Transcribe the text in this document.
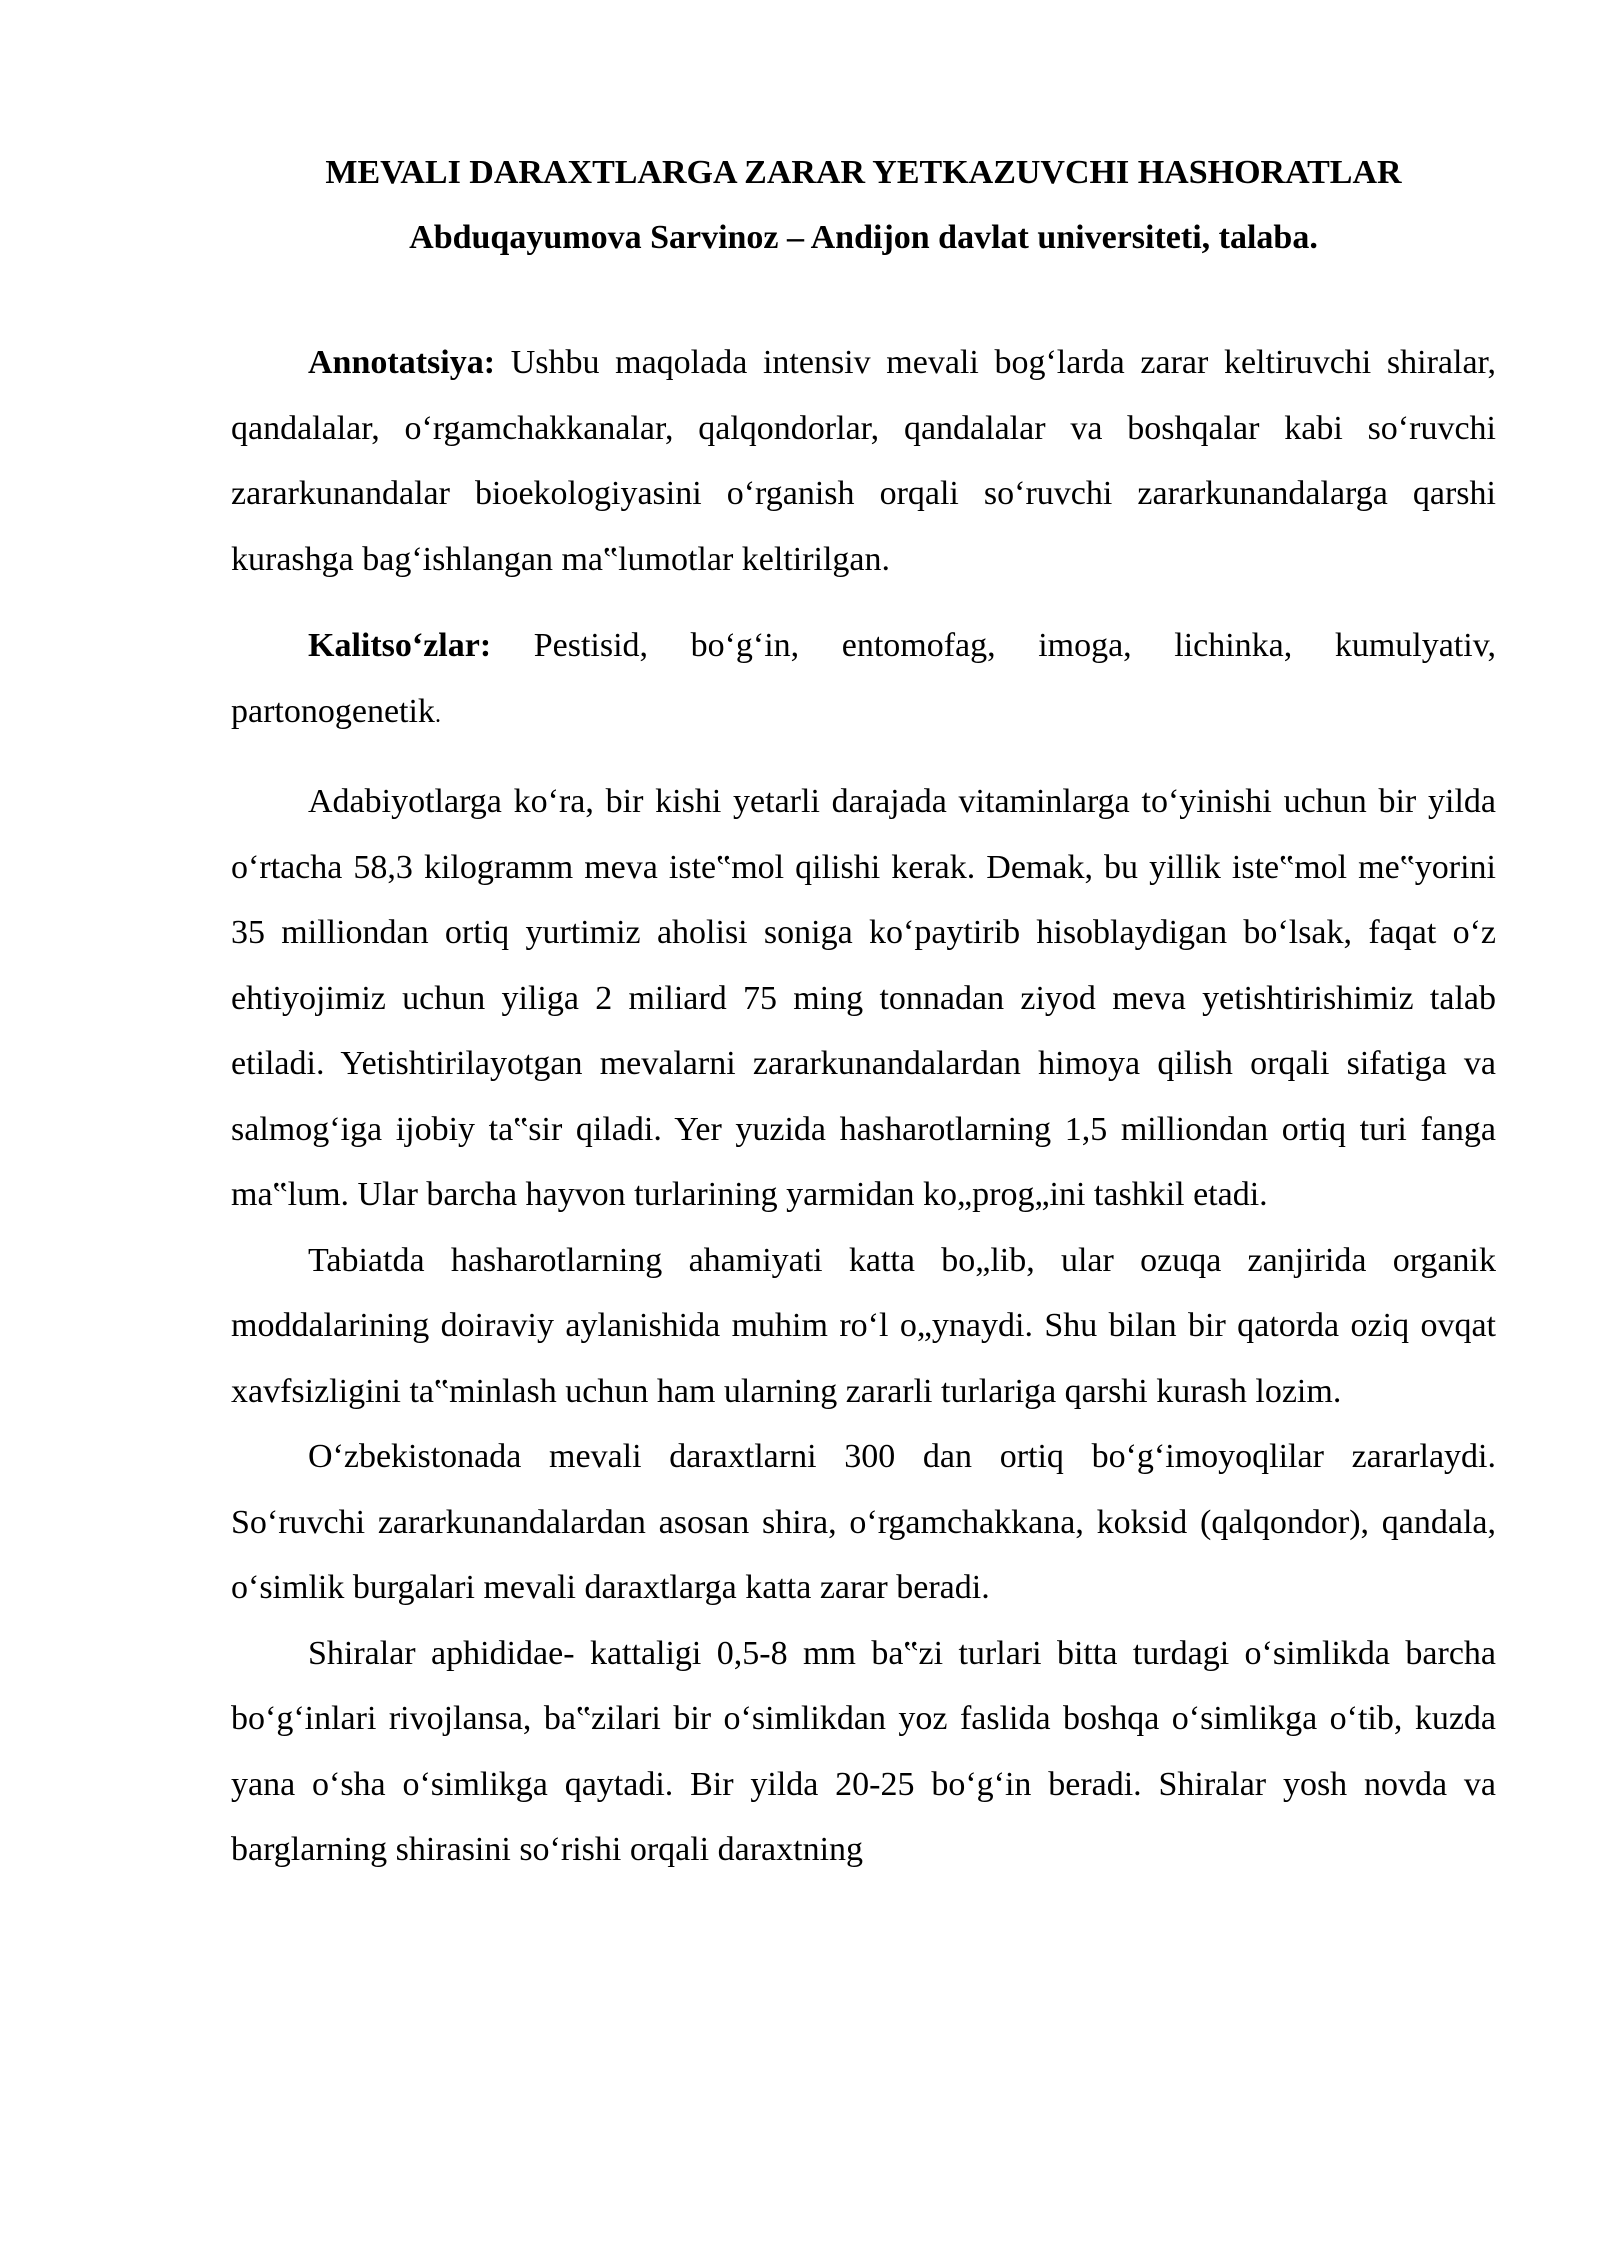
MEVALI DARAXTLARGA ZARAR YETKAZUVCHI HASHORATLAR
Abduqayumova Sarvinoz – Andijon davlat universiteti, talaba.

Annotatsiya: Ushbu maqolada intensiv mevali bog‘larda zarar keltiruvchi shiralar, qandalalar, o‘rgamchakkanalar, qalqondorlar, qandalalar va boshqalar kabi so‘ruvchi zararkunandalar bioekologiyasini o‘rganish orqali so‘ruvchi zararkunandalarga qarshi kurashga bag‘ishlangan ma‟lumotlar keltirilgan.

Kalitso‘zlar: Pestisid, bo‘g‘in, entomofag, imoga, lichinka, kumulyativ, partonogenetik.

Adabiyotlarga ko‘ra, bir kishi yetarli darajada vitaminlarga to‘yinishi uchun bir yilda o‘rtacha 58,3 kilogramm meva iste‟mol qilishi kerak. Demak, bu yillik iste‟mol me‟yorini 35 milliondan ortiq yurtimiz aholisi soniga ko‘paytirib hisoblaydigan bo‘lsak, faqat o‘z ehtiyojimiz uchun yiliga 2 miliard 75 ming tonnadan ziyod meva yetishtirishimiz talab etiladi. Yetishtirilayotgan mevalarni zararkunandalardan himoya qilish orqali sifatiga va salmog‘iga ijobiy ta‟sir qiladi. Yer yuzida hasharotlarning 1,5 milliondan ortiq turi fanga ma‟lum. Ular barcha hayvon turlarining yarmidan ko„prog„ini tashkil etadi.

Tabiatda hasharotlarning ahamiyati katta bo„lib, ular ozuqa zanjirida organik moddalarining doiraviy aylanishida muhim ro‘l o„ynaydi. Shu bilan bir qatorda oziq ovqat xavfsizligini ta‟minlash uchun ham ularning zararli turlariga qarshi kurash lozim.

O‘zbekistonada mevali daraxtlarni 300 dan ortiq bo‘g‘imoyoqlilar zararlaydi. So‘ruvchi zararkunandalardan asosan shira, o‘rgamchakkana, koksid (qalqondor), qandala, o‘simlik burgalari mevali daraxtlarga katta zarar beradi.

Shiralar aphididae- kattaligi 0,5-8 mm ba‟zi turlari bitta turdagi o‘simlikda barcha bo‘g‘inlari rivojlansa, ba‟zilari bir o‘simlikdan yoz faslida boshqa o‘simlikga o‘tib, kuzda yana o‘sha o‘simlikga qaytadi. Bir yilda 20-25 bo‘g‘in beradi. Shiralar yosh novda va barglarning shirasini so‘rishi orqali daraxtning
